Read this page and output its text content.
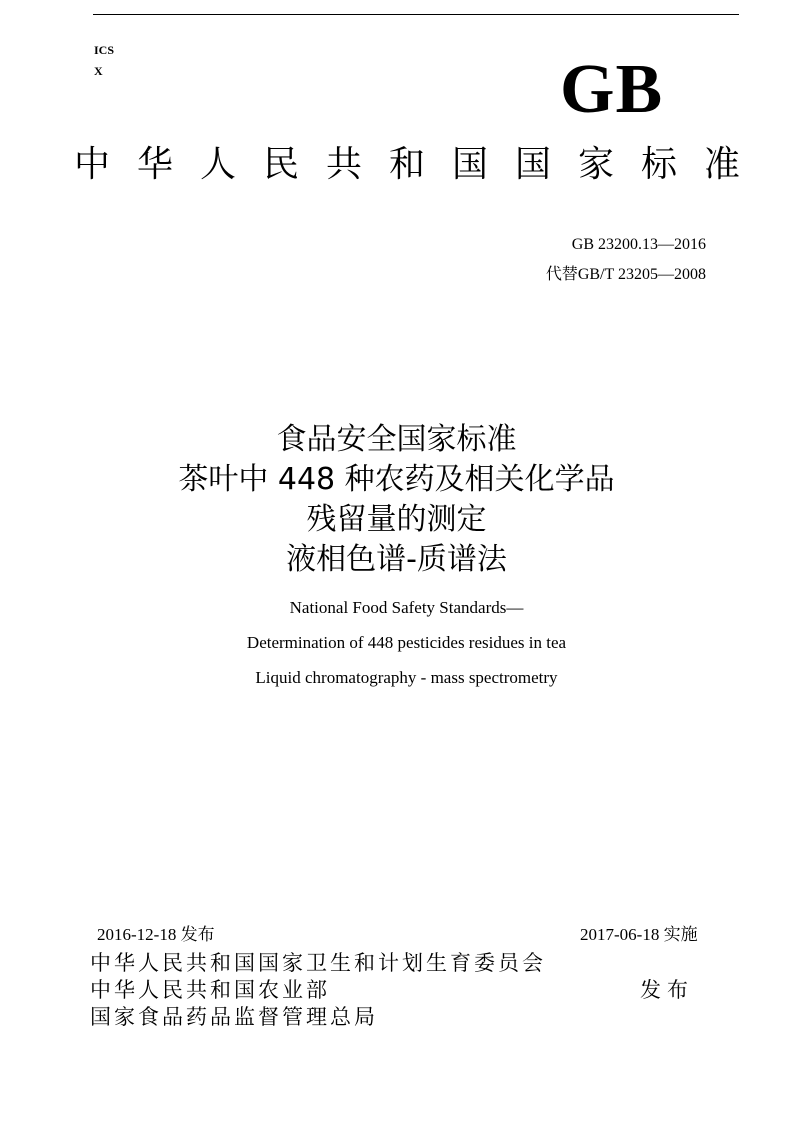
ICS
X	GB
中华人民共和国国家标准
GB 23200.13—2016
代替GB/T 23205—2008
食品安全国家标准
茶叶中 448 种农药及相关化学品
残留量的测定
液相色谱-质谱法
National Food Safety Standards—
Determination of 448 pesticides residues in tea
Liquid chromatography - mass spectrometry
2016-12-18 发布	2017-06-18 实施
中华人民共和国国家卫生和计划生育委员会
中华人民共和国农业部
国家食品药品监督管理总局
发布
